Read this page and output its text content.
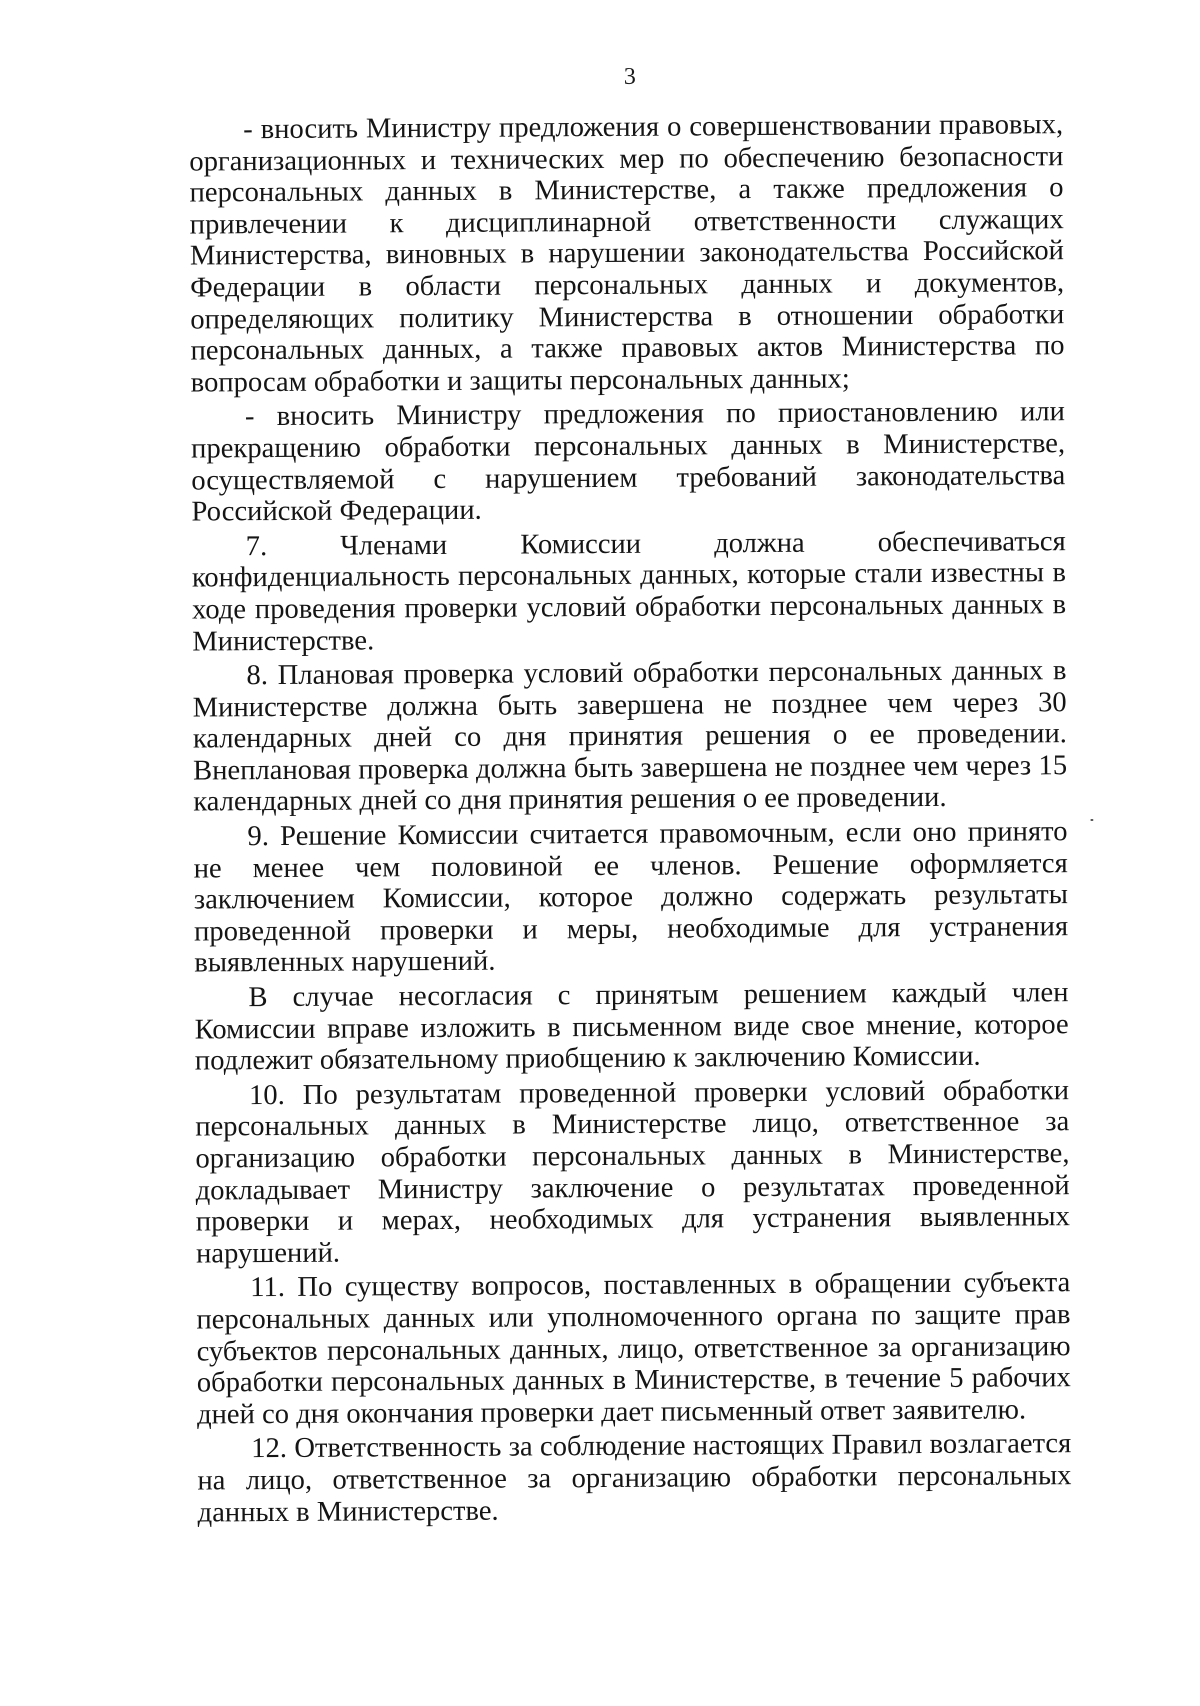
3

- вносить Министру предложения о совершенствовании правовых, организационных и технических мер по обеспечению безопасности персональных данных в Министерстве, а также предложения о привлечении к дисциплинарной ответственности служащих Министерства, виновных в нарушении законодательства Российской Федерации в области персональных данных и документов, определяющих политику Министерства в отношении обработки персональных данных, а также правовых актов Министерства по вопросам обработки и защиты персональных данных;

- вносить Министру предложения по приостановлению или прекращению обработки персональных данных в Министерстве, осуществляемой с нарушением требований законодательства Российской Федерации.

7. Членами Комиссии должна обеспечиваться конфиденциальность персональных данных, которые стали известны в ходе проведения проверки условий обработки персональных данных в Министерстве.

8. Плановая проверка условий обработки персональных данных в Министерстве должна быть завершена не позднее чем через 30 календарных дней со дня принятия решения о ее проведении. Внеплановая проверка должна быть завершена не позднее чем через 15 календарных дней со дня принятия решения о ее проведении.

9. Решение Комиссии считается правомочным, если оно принято не менее чем половиной ее членов. Решение оформляется заключением Комиссии, которое должно содержать результаты проведенной проверки и меры, необходимые для устранения выявленных нарушений.

В случае несогласия с принятым решением каждый член Комиссии вправе изложить в письменном виде свое мнение, которое подлежит обязательному приобщению к заключению Комиссии.

10. По результатам проведенной проверки условий обработки персональных данных в Министерстве лицо, ответственное за организацию обработки персональных данных в Министерстве, докладывает Министру заключение о результатах проведенной проверки и мерах, необходимых для устранения выявленных нарушений.

11. По существу вопросов, поставленных в обращении субъекта персональных данных или уполномоченного органа по защите прав субъектов персональных данных, лицо, ответственное за организацию обработки персональных данных в Министерстве, в течение 5 рабочих дней со дня окончания проверки дает письменный ответ заявителю.

12. Ответственность за соблюдение настоящих Правил возлагается на лицо, ответственное за организацию обработки персональных данных в Министерстве.
